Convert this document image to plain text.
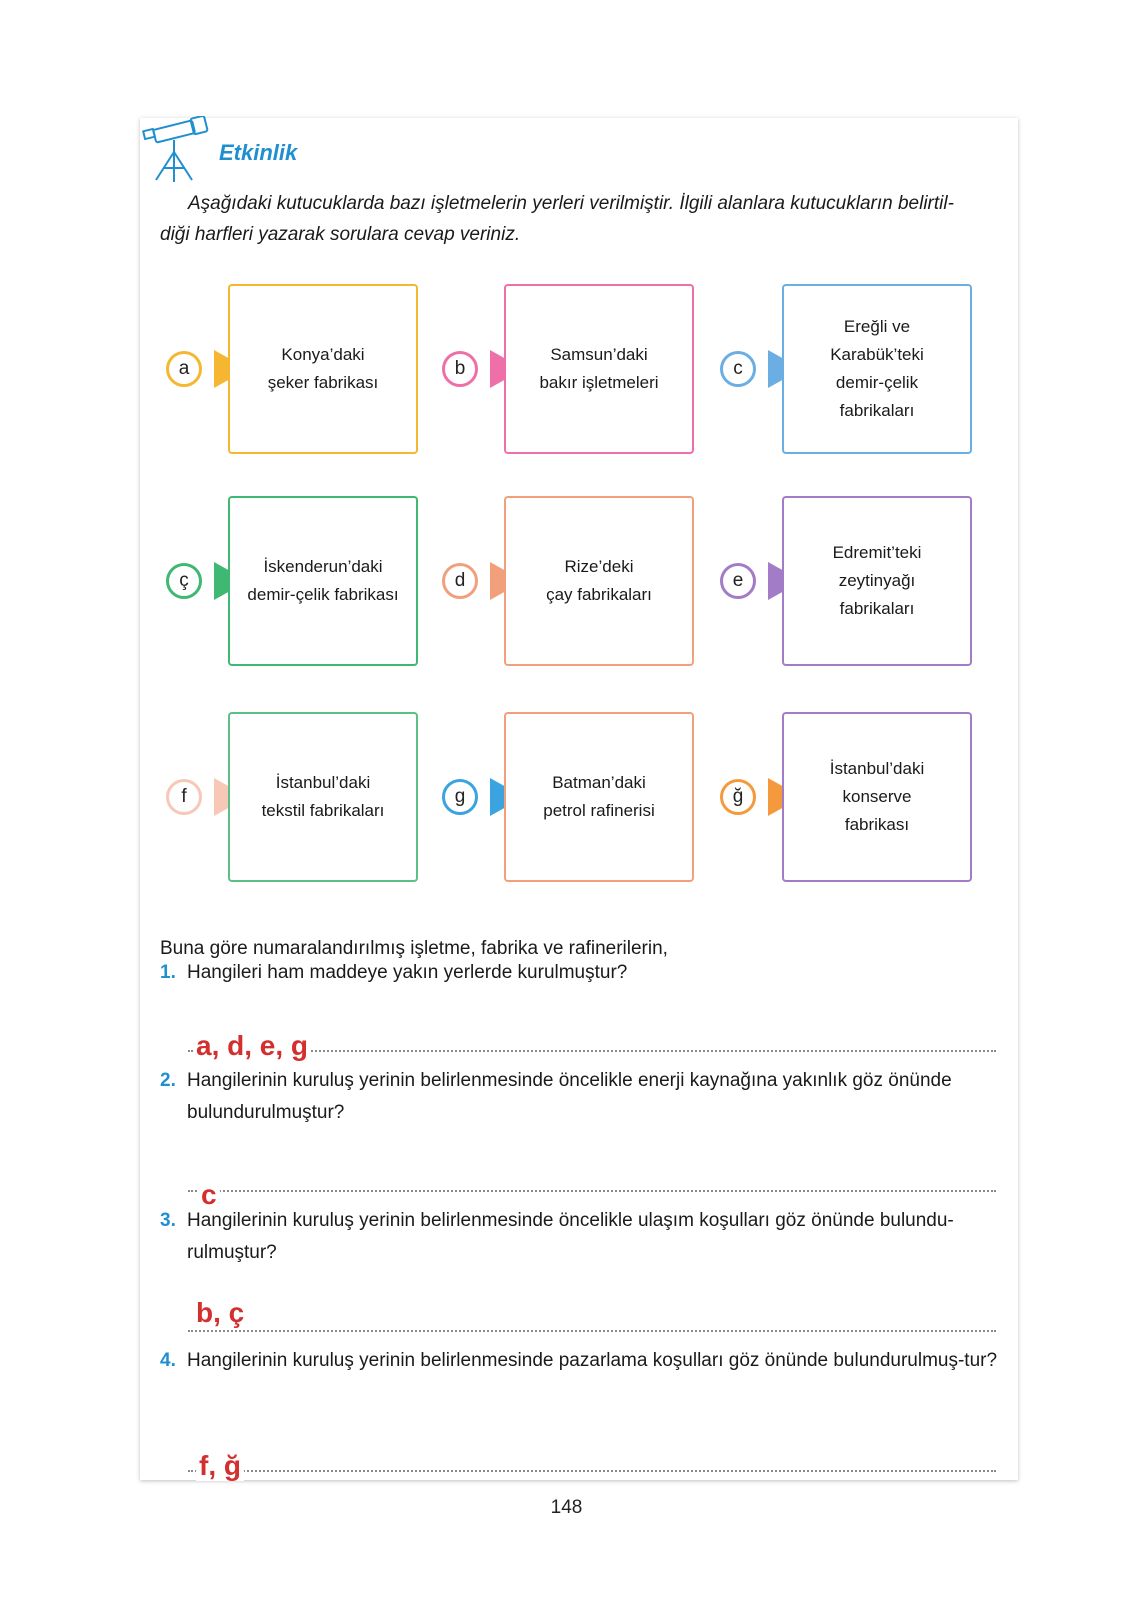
Etkinlik
Aşağıdaki kutucuklarda bazı işletmelerin yerleri verilmiştir. İlgili alanlara kutucukların belirtil-
diği harfleri yazarak sorulara cevap veriniz.
a
Konya’daki
şeker fabrikası
b
Samsun’daki
bakır işletmeleri
c
Ereğli ve
Karabük’teki
demir-çelik
fabrikaları
ç
İskenderun’daki
demir-çelik fabrikası
d
Rize’deki
çay fabrikaları
e
Edremit’teki
zeytinyağı
fabrikaları
f
İstanbul’daki
tekstil fabrikaları
g
Batman’daki
petrol rafinerisi
ğ
İstanbul’daki
konserve
fabrikası
Buna göre numaralandırılmış işletme, fabrika ve rafinerilerin,
1. Hangileri ham maddeye yakın yerlerde kurulmuştur?
a, d, e, g
2. Hangilerinin kuruluş yerinin belirlenmesinde öncelikle enerji kaynağına yakınlık göz önünde bulundurulmuştur?
c
3. Hangilerinin kuruluş yerinin belirlenmesinde öncelikle ulaşım koşulları göz önünde bulundu-rulmuştur?
b, ç
4. Hangilerinin kuruluş yerinin belirlenmesinde pazarlama koşulları göz önünde bulundurulmuş-tur?
f, ğ
148
